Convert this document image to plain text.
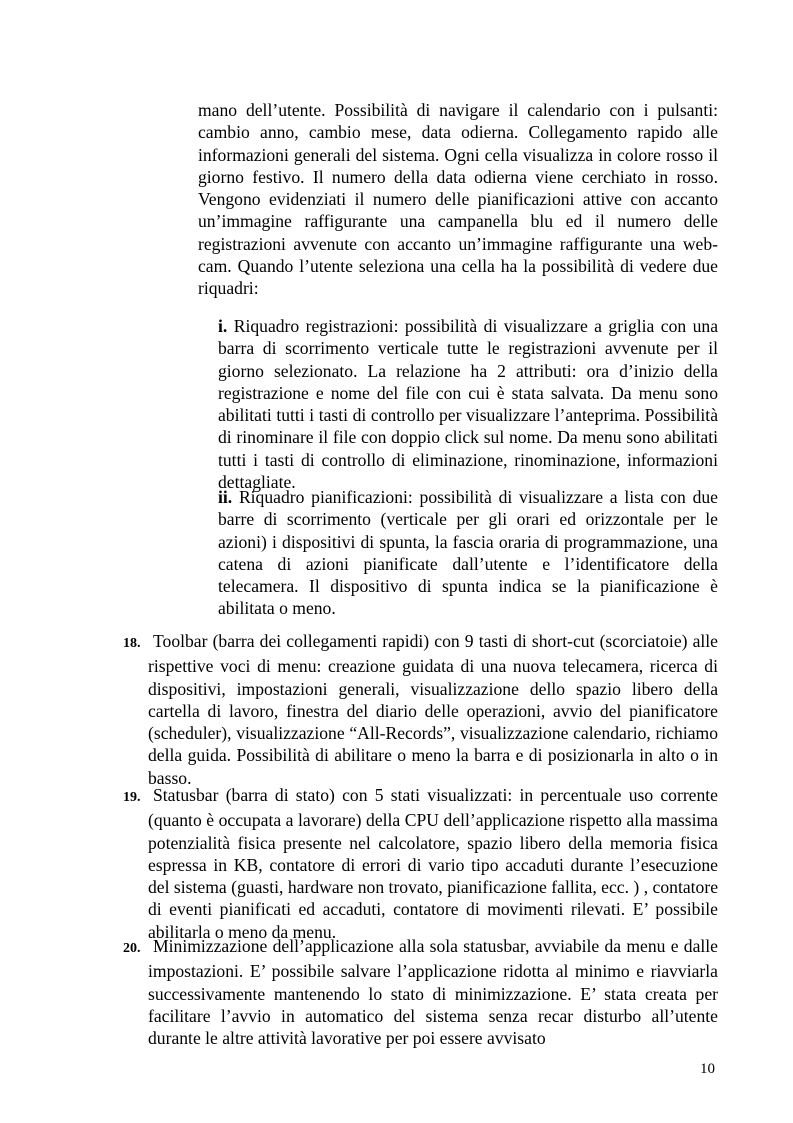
mano dell’utente. Possibilità di navigare il calendario con i pulsanti: cambio anno, cambio mese, data odierna. Collegamento rapido alle informazioni generali del sistema. Ogni cella visualizza in colore rosso il giorno festivo. Il numero della data odierna viene cerchiato in rosso. Vengono evidenziati il numero delle pianificazioni attive con accanto un’immagine raffigurante una campanella blu ed il numero delle registrazioni avvenute con accanto un’immagine raffigurante una web-cam. Quando l’utente seleziona una cella ha la possibilità di vedere due riquadri:

i. Riquadro registrazioni: possibilità di visualizzare a griglia con una barra di scorrimento verticale tutte le registrazioni avvenute per il giorno selezionato. La relazione ha 2 attributi: ora d’inizio della registrazione e nome del file con cui è stata salvata. Da menu sono abilitati tutti i tasti di controllo per visualizzare l’anteprima. Possibilità di rinominare il file con doppio click sul nome. Da menu sono abilitati tutti i tasti di controllo di eliminazione, rinominazione, informazioni dettagliate.

ii. Riquadro pianificazioni: possibilità di visualizzare a lista con due barre di scorrimento (verticale per gli orari ed orizzontale per le azioni) i dispositivi di spunta, la fascia oraria di programmazione, una catena di azioni pianificate dall’utente e l’identificatore della telecamera. Il dispositivo di spunta indica se la pianificazione è abilitata o meno.

18. Toolbar (barra dei collegamenti rapidi) con 9 tasti di short-cut (scorciatoie) alle rispettive voci di menu: creazione guidata di una nuova telecamera, ricerca di dispositivi, impostazioni generali, visualizzazione dello spazio libero della cartella di lavoro, finestra del diario delle operazioni, avvio del pianificatore (scheduler), visualizzazione “All-Records”, visualizzazione calendario, richiamo della guida. Possibilità di abilitare o meno la barra e di posizionarla in alto o in basso.
19. Statusbar (barra di stato) con 5 stati visualizzati: in percentuale uso corrente (quanto è occupata a lavorare) della CPU dell’applicazione rispetto alla massima potenzialità fisica presente nel calcolatore, spazio libero della memoria fisica espressa in KB, contatore di errori di vario tipo accaduti durante l’esecuzione del sistema (guasti, hardware non trovato, pianificazione fallita, ecc. ) , contatore di eventi pianificati ed accaduti, contatore di movimenti rilevati. E’ possibile abilitarla o meno da menu.
20. Minimizzazione dell’applicazione alla sola statusbar, avviabile da menu e dalle impostazioni. E’ possibile salvare l’applicazione ridotta al minimo e riavviarla successivamente mantenendo lo stato di minimizzazione. E’ stata creata per facilitare l’avvio in automatico del sistema senza recar disturbo all’utente durante le altre attività lavorative per poi essere avvisato
10
